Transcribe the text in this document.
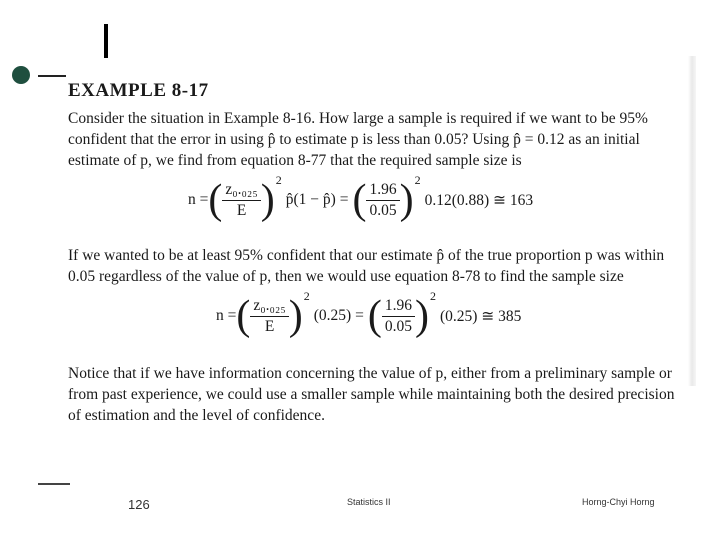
EXAMPLE 8-17

Consider the situation in Example 8-16. How large a sample is required if we want to be 95% confident that the error in using p̂ to estimate p is less than 0.05? Using p̂ = 0.12 as an initial estimate of p, we find from equation 8-77 that the required sample size is

n = ( $\frac{\text{z₀.₀₂₅}}{E}$ ) 2
p̂(1 − p̂) = ( $\frac{1.96}{0.05}$ ) 2
0.12(0.88) ≅ 163

If we wanted to be at least 95% confident that our estimate p̂ of the true proportion p was within 0.05 regardless of the value of p, then we would use equation 8-78 to find the sample size

n = ( $\frac{\text{z₀.₀₂₅}}{E}$ ) 2
(0.25) = ( $\frac{1.96}{0.05}$ ) 2
(0.25) ≅ 385

Notice that if we have information concerning the value of p, either from a preliminary sample or from past experience, we could use a smaller sample while maintaining both the desired precision of estimation and the level of confidence.

126	Statistics II	Horng-Chyi Horng
